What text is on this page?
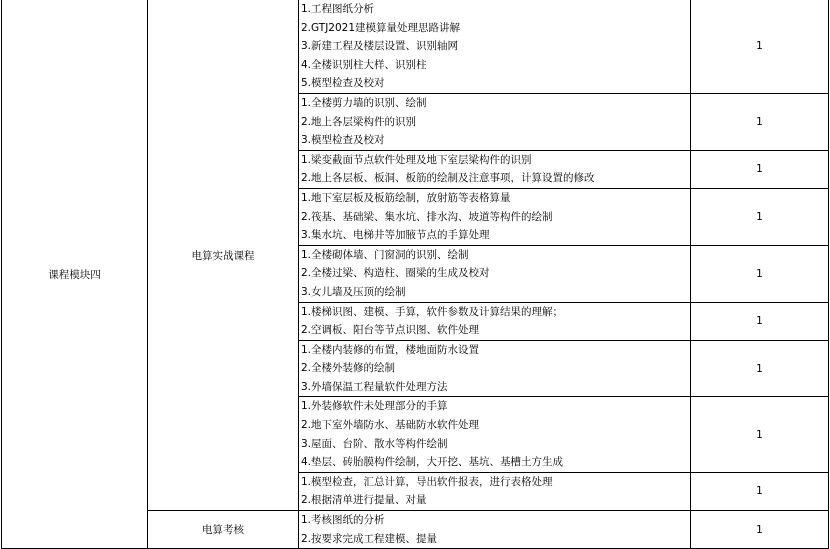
课程模块四	电算实战课程	1.工程图纸分析
2.GTJ2021建模算量处理思路讲解
3.新建工程及楼层设置、识别轴网
4.全楼识别柱大样、识别柱
5.模型检查及校对	1

		1.全楼剪力墙的识别、绘制
2.地上各层梁构件的识别
3.模型检查及校对	1

		1.梁变截面节点软件处理及地下室层梁构件的识别
2.地上各层板、板洞、板筋的绘制及注意事项，计算设置的修改	1

		1.地下室层板及板筋绘制，放射筋等表格算量
2.筏基、基础梁、集水坑、排水沟、坡道等构件的绘制
3.集水坑、电梯井等加腋节点的手算处理	1

		1.全楼砌体墙、门窗洞的识别、绘制
2.全楼过梁、构造柱、圈梁的生成及校对
3.女儿墙及压顶的绘制	1

		1.楼梯识图、建模、手算，软件参数及计算结果的理解；
2.空调板、阳台等节点识图、软件处理	1

		1.全楼内装修的布置，楼地面防水设置
2.全楼外装修的绘制
3.外墙保温工程量软件处理方法	1

		1.外装修软件未处理部分的手算
2.地下室外墙防水、基础防水软件处理
3.屋面、台阶、散水等构件绘制
4.垫层、砖胎膜构件绘制，大开挖、基坑、基槽土方生成	1

		1.模型检查，汇总计算，导出软件报表，进行表格处理
2.根据清单进行提量、对量	1
	电算考核	1.考核图纸的分析
2.按要求完成工程建模、提量	1
